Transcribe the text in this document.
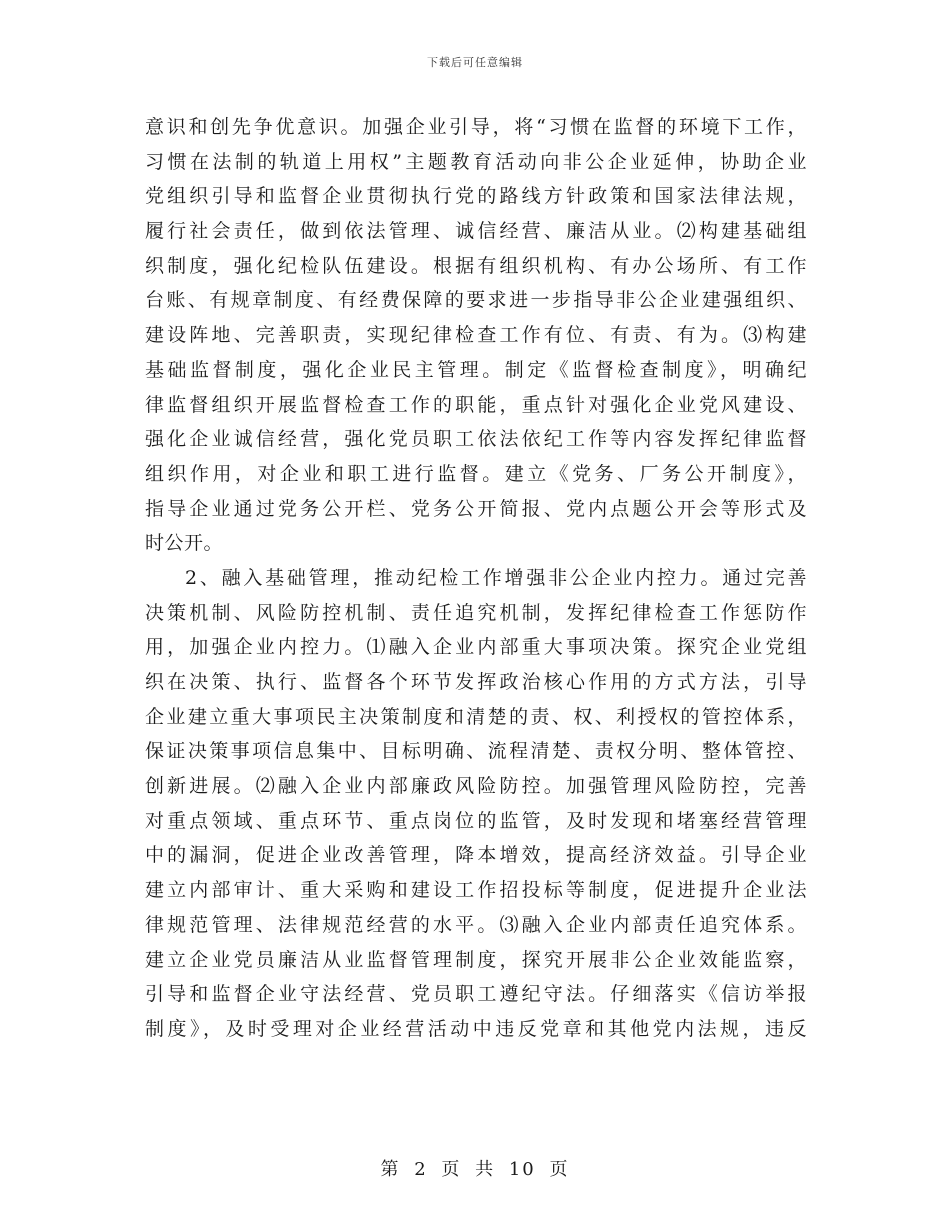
下载后可任意编辑
意识和创先争优意识。加强企业引导，将“习惯在监督的环境下工作，
习惯在法制的轨道上用权”主题教育活动向非公企业延伸，协助企业
党组织引导和监督企业贯彻执行党的路线方针政策和国家法律法规，
履行社会责任，做到依法管理、诚信经营、廉洁从业。⑵构建基础组
织制度，强化纪检队伍建设。根据有组织机构、有办公场所、有工作
台账、有规章制度、有经费保障的要求进一步指导非公企业建强组织、
建设阵地、完善职责，实现纪律检查工作有位、有责、有为。⑶构建
基础监督制度，强化企业民主管理。制定《监督检查制度》，明确纪
律监督组织开展监督检查工作的职能，重点针对强化企业党风建设、
强化企业诚信经营，强化党员职工依法依纪工作等内容发挥纪律监督
组织作用，对企业和职工进行监督。建立《党务、厂务公开制度》，
指导企业通过党务公开栏、党务公开简报、党内点题公开会等形式及
时公开。
2、融入基础管理，推动纪检工作增强非公企业内控力。通过完善
决策机制、风险防控机制、责任追究机制，发挥纪律检查工作惩防作
用，加强企业内控力。⑴融入企业内部重大事项决策。探究企业党组
织在决策、执行、监督各个环节发挥政治核心作用的方式方法，引导
企业建立重大事项民主决策制度和清楚的责、权、利授权的管控体系，
保证决策事项信息集中、目标明确、流程清楚、责权分明、整体管控、
创新进展。⑵融入企业内部廉政风险防控。加强管理风险防控，完善
对重点领域、重点环节、重点岗位的监管，及时发现和堵塞经营管理
中的漏洞，促进企业改善管理，降本增效，提高经济效益。引导企业
建立内部审计、重大采购和建设工作招投标等制度，促进提升企业法
律规范管理、法律规范经营的水平。⑶融入企业内部责任追究体系。
建立企业党员廉洁从业监督管理制度，探究开展非公企业效能监察，
引导和监督企业守法经营、党员职工遵纪守法。仔细落实《信访举报
制度》，及时受理对企业经营活动中违反党章和其他党内法规，违反
第 2 页 共 10 页
